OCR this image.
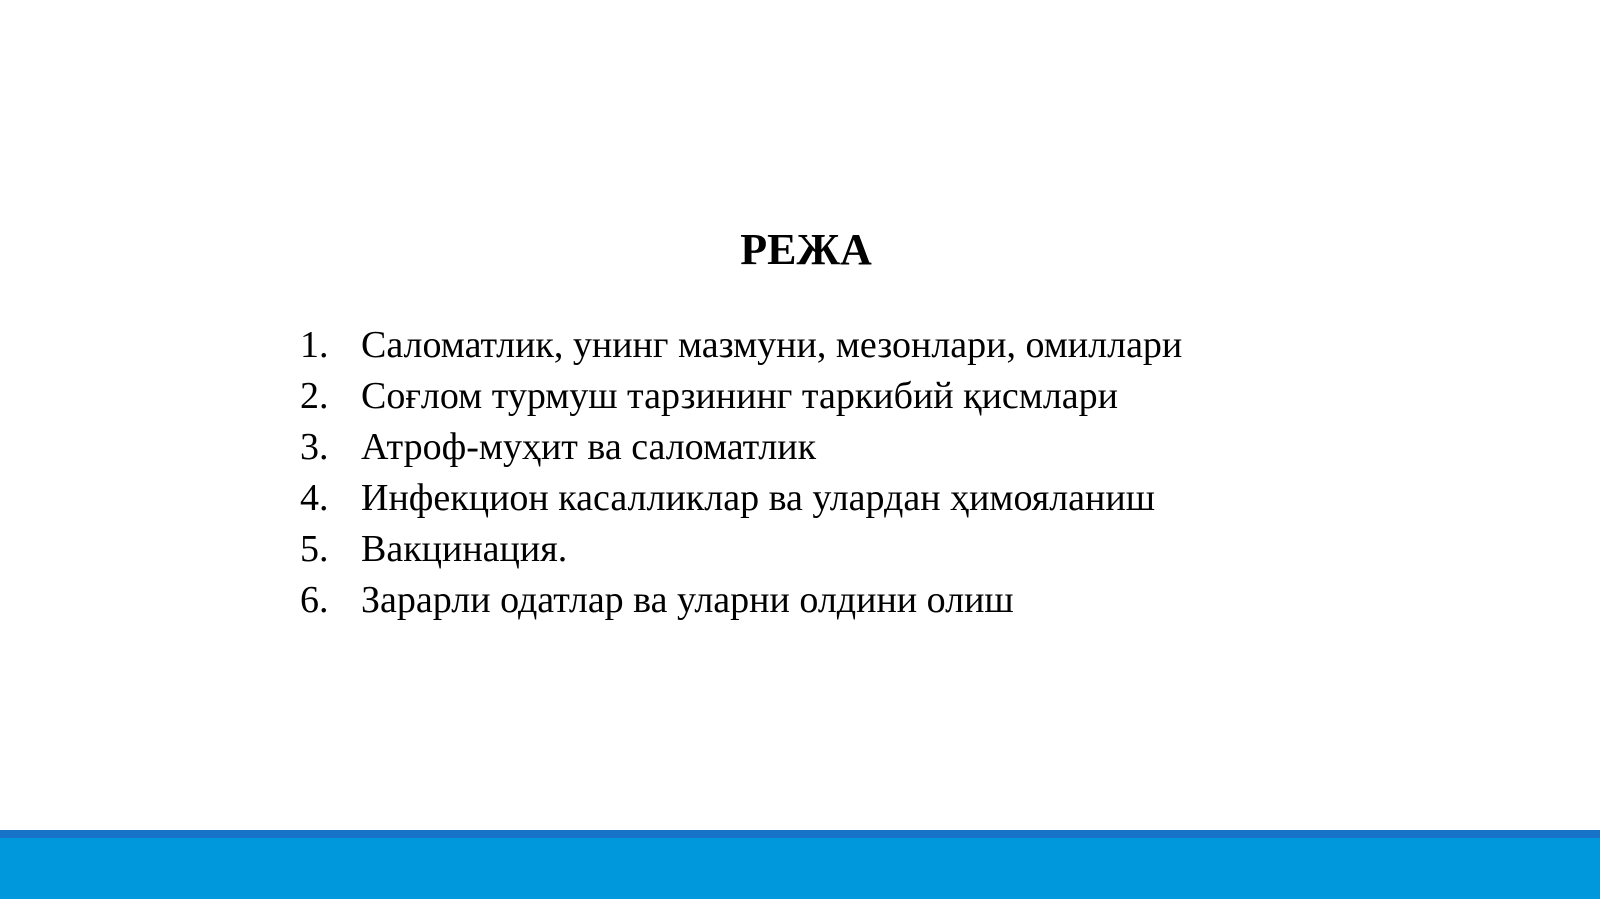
РЕЖА
1. Саломатлик, унинг мазмуни, мезонлари, омиллари
2. Соғлом турмуш тарзининг таркибий қисмлари
3. Атроф-муҳит ва саломатлик
4. Инфекцион касалликлар ва улардан ҳимояланиш
5. Вакцинация.
6. Зарарли одатлар ва уларни олдини олиш
